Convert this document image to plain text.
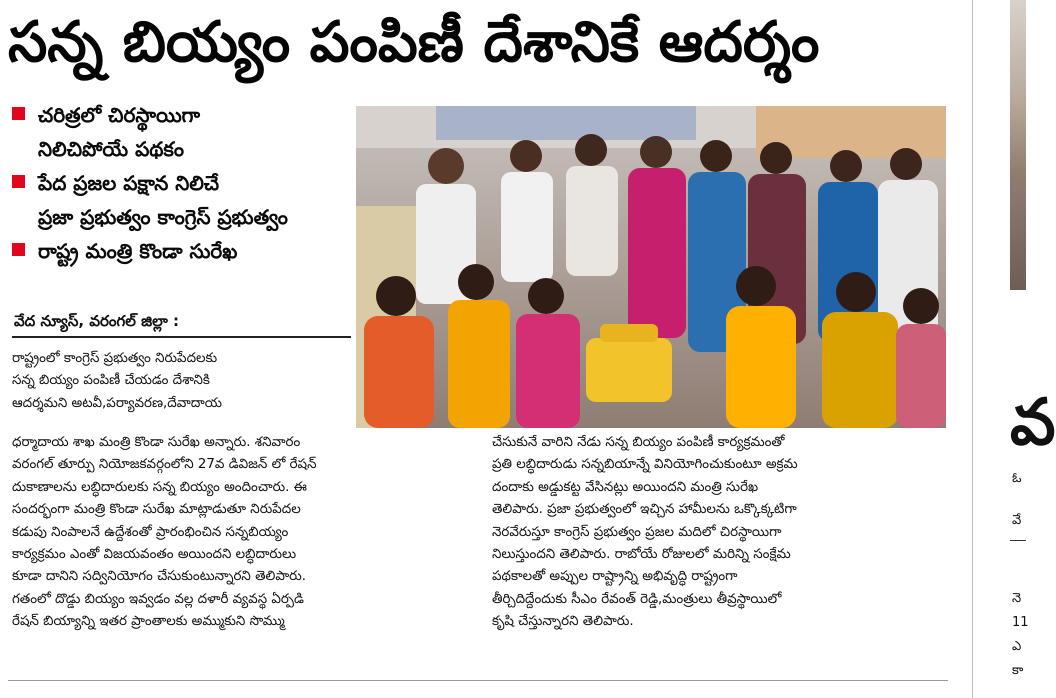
సన్న బియ్యం పంపిణీ దేశానికే ఆదర్శం
చరిత్రలో చిరస్థాయిగా
నిలిచిపోయే పథకం
పేద ప్రజల పక్షాన నిలిచే
ప్రజా ప్రభుత్వం కాంగ్రెస్ ప్రభుత్వం
రాష్ట్ర మంత్రి కొండా సురేఖ
వేద న్యూస్, వరంగల్ జిల్లా :
రాష్ట్రంలో కాంగ్రెస్ ప్రభుత్వం నిరుపేదలకు
సన్న బియ్యం పంపిణీ చేయడం దేశానికి
ఆదర్శమని అటవీ,పర్యావరణ,దేవాదాయ
ధర్మాదాయ శాఖ మంత్రి కొండా సురేఖ అన్నారు. శనివారం
వరంగల్ తూర్పు నియోజకవర్గంలోని 27వ డివిజన్ లో రేషన్
దుకాణాలను లబ్ధిదారులకు సన్న బియ్యం అందించారు. ఈ
సందర్భంగా మంత్రి కొండా సురేఖ మాట్లాడుతూ నిరుపేదల
కడుపు నింపాలనే ఉద్దేశంతో ప్రారంభించిన సన్నబియ్యం
కార్యక్రమం ఎంతో విజయవంతం అయిందని లబ్ధిదారులు
కూడా దానిని సద్వినియోగం చేసుకుంటున్నారని తెలిపారు.
గతంలో దొడ్డు బియ్యం ఇవ్వడం వల్ల దళారీ వ్యవస్థ ఏర్పడి
రేషన్ బియ్యాన్ని ఇతర ప్రాంతాలకు అమ్ముకుని సొమ్ము
చేసుకునే వారిని నేడు సన్న బియ్యం పంపిణీ కార్యక్రమంతో
ప్రతి లబ్ధిదారుడు సన్నబియాన్నే వినియోగించుకుంటూ అక్రమ
దందాకు అడ్డుకట్ట వేసినట్లు అయిందని మంత్రి సురేఖ
తెలిపారు. ప్రజా ప్రభుత్వంలో ఇచ్చిన హామీలను ఒక్కొక్కటిగా
నెరవేరుస్తూ కాంగ్రెస్ ప్రభుత్వం ప్రజల మదిలో చిరస్థాయిగా
నిలుస్తుందని తెలిపారు. రాబోయే రోజులలో మరిన్ని సంక్షేమ
పథకాలతో అప్పుల రాష్ట్రాన్ని అభివృద్ధి రాష్ట్రంగా
తీర్చిదిద్దేందుకు సీఎం రేవంత్ రెడ్డి,మంత్రులు తీవ్రస్థాయిలో
కృషి చేస్తున్నారని తెలిపారు.
వ
ఓ
వే
నె
11
ఎ
కా
